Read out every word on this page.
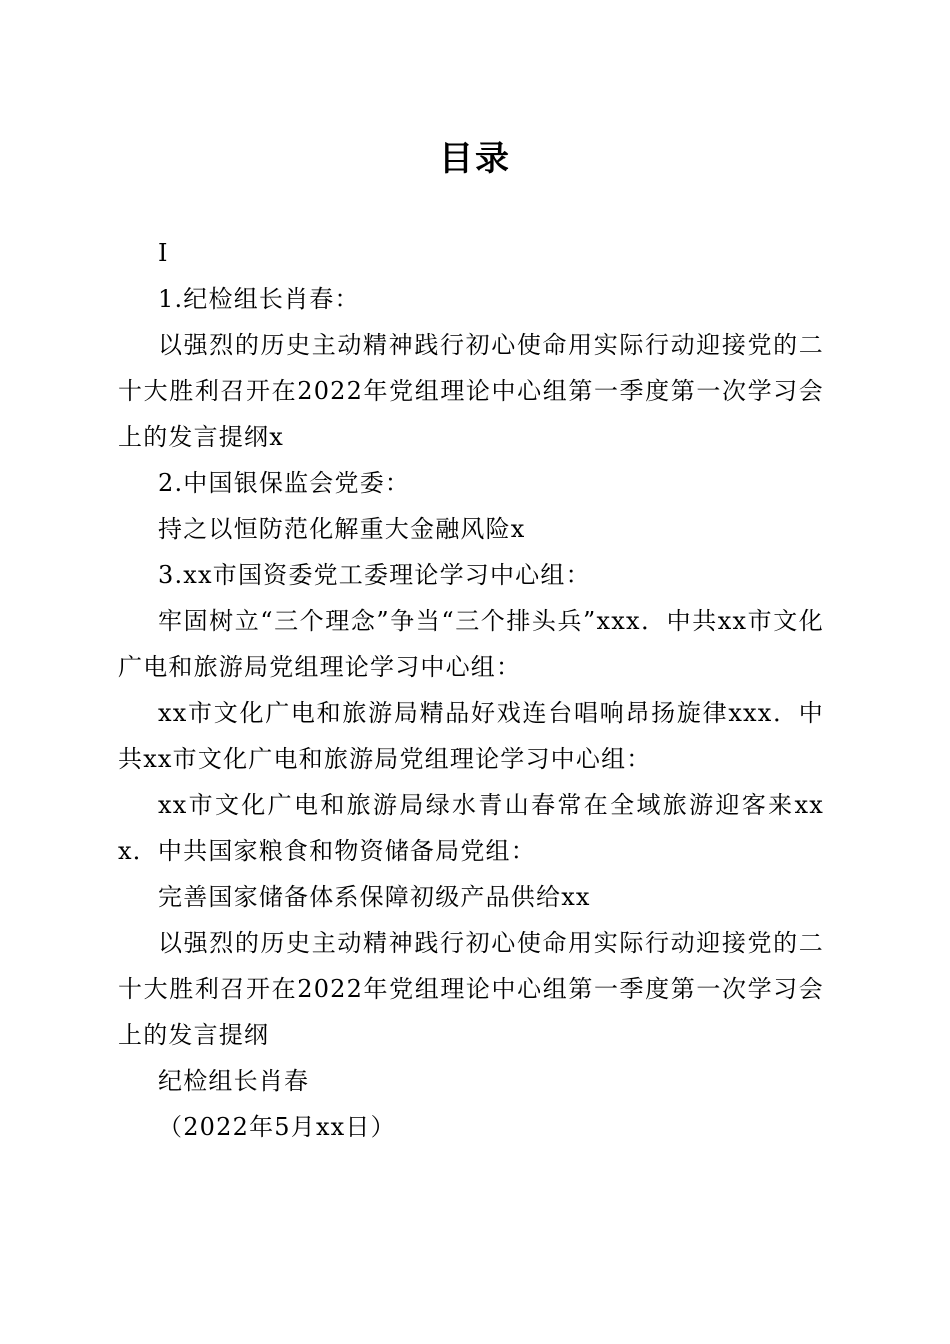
目录

I

1.纪检组长肖春：

以强烈的历史主动精神践行初心使命用实际行动迎接党的二十大胜利召开在2022年党组理论中心组第一季度第一次学习会上的发言提纲x

2.中国银保监会党委：

持之以恒防范化解重大金融风险x

3.xx市国资委党工委理论学习中心组：

牢固树立“三个理念”争当“三个排头兵”xxx．中共xx市文化广电和旅游局党组理论学习中心组：

xx市文化广电和旅游局精品好戏连台唱响昂扬旋律xxx．中共xx市文化广电和旅游局党组理论学习中心组：

xx市文化广电和旅游局绿水青山春常在全域旅游迎客来xxx．中共国家粮食和物资储备局党组：

完善国家储备体系保障初级产品供给xx

以强烈的历史主动精神践行初心使命用实际行动迎接党的二十大胜利召开在2022年党组理论中心组第一季度第一次学习会上的发言提纲

纪检组长肖春

（2022年5月xx日）
